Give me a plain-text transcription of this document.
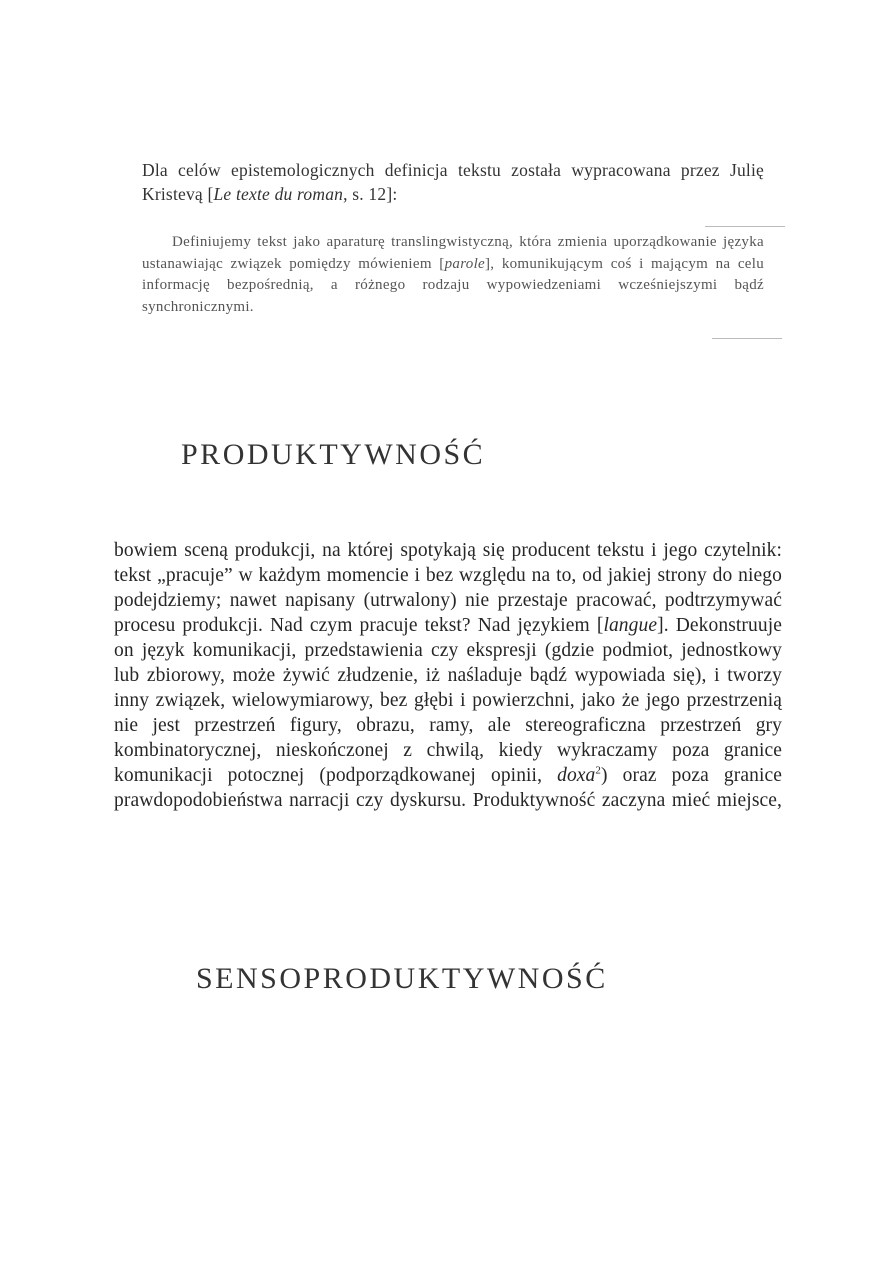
Dla celów epistemologicznych definicja tekstu została wypracowana przez Julię Kristevą [Le texte du roman, s. 12]:

Definiujemy tekst jako aparaturę translingwistyczną, która zmienia uporządkowanie języka ustanawiając związek pomiędzy mówieniem [parole], komunikującym coś i mającym na celu informację bezpośrednią, a różnego rodzaju wypowiedzeniami wcześniejszymi bądź synchronicznymi.

PRODUKTYWNOŚĆ

bowiem sceną produkcji, na której spotykają się producent tekstu i jego czytelnik: tekst „pracuje” w każdym momencie i bez względu na to, od jakiej strony do niego podejdziemy; nawet napisany (utrwalony) nie przestaje pracować, podtrzymywać procesu produkcji. Nad czym pracuje tekst? Nad językiem [langue]. Dekonstruuje on język komunikacji, przedstawienia czy ekspresji (gdzie podmiot, jednostkowy lub zbiorowy, może żywić złudzenie, iż naśladuje bądź wypowiada się), i tworzy inny związek, wielowymiarowy, bez głębi i powierzchni, jako że jego przestrzenią nie jest przestrzeń figury, obrazu, ramy, ale stereograficzna przestrzeń gry kombinatorycznej, nieskończonej z chwilą, kiedy wykraczamy poza granice komunikacji potocznej (podporządkowanej opinii, doxa$^2$) oraz poza granice prawdopodobieństwa narracji czy dyskursu. Produktywność zaczyna mieć miejsce,

SENSOPRODUKTYWNOŚĆ
